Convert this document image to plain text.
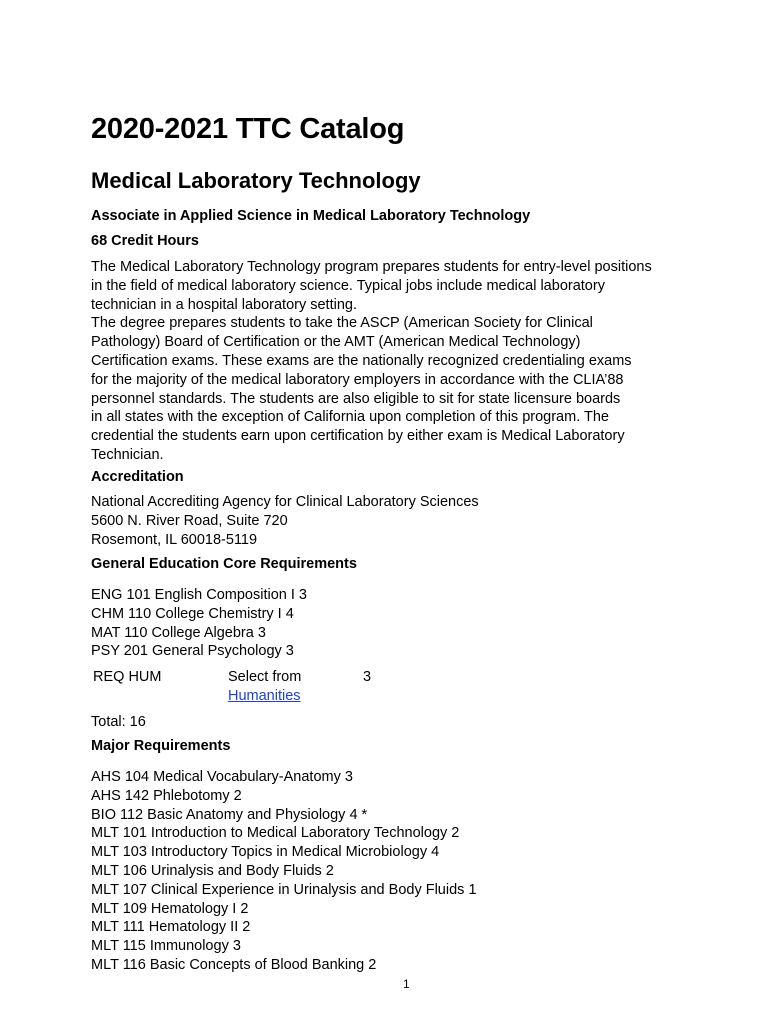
2020-2021 TTC Catalog
Medical Laboratory Technology
Associate in Applied Science in Medical Laboratory Technology
68 Credit Hours
The Medical Laboratory Technology program prepares students for entry-level positions
in the field of medical laboratory science. Typical jobs include medical laboratory
technician in a hospital laboratory setting.
The degree prepares students to take the ASCP (American Society for Clinical
Pathology) Board of Certification or the AMT (American Medical Technology)
Certification exams. These exams are the nationally recognized credentialing exams
for the majority of the medical laboratory employers in accordance with the CLIA’88
personnel standards. The students are also eligible to sit for state licensure boards
in all states with the exception of California upon completion of this program. The
credential the students earn upon certification by either exam is Medical Laboratory
Technician.
Accreditation
National Accrediting Agency for Clinical Laboratory Sciences
5600 N. River Road, Suite 720
Rosemont, IL 60018-5119
General Education Core Requirements
ENG 101 English Composition I 3
CHM 110 College Chemistry I 4
MAT 110 College Algebra 3
PSY 201 General Psychology 3
REQ HUM	Select from
Humanities
3
Total: 16
Major Requirements
AHS 104 Medical Vocabulary-Anatomy 3
AHS 142 Phlebotomy 2
BIO 112 Basic Anatomy and Physiology 4 *
MLT 101 Introduction to Medical Laboratory Technology 2
MLT 103 Introductory Topics in Medical Microbiology 4
MLT 106 Urinalysis and Body Fluids 2
MLT 107 Clinical Experience in Urinalysis and Body Fluids 1
MLT 109 Hematology I 2
MLT 111 Hematology II 2
MLT 115 Immunology 3
MLT 116 Basic Concepts of Blood Banking 2
1
